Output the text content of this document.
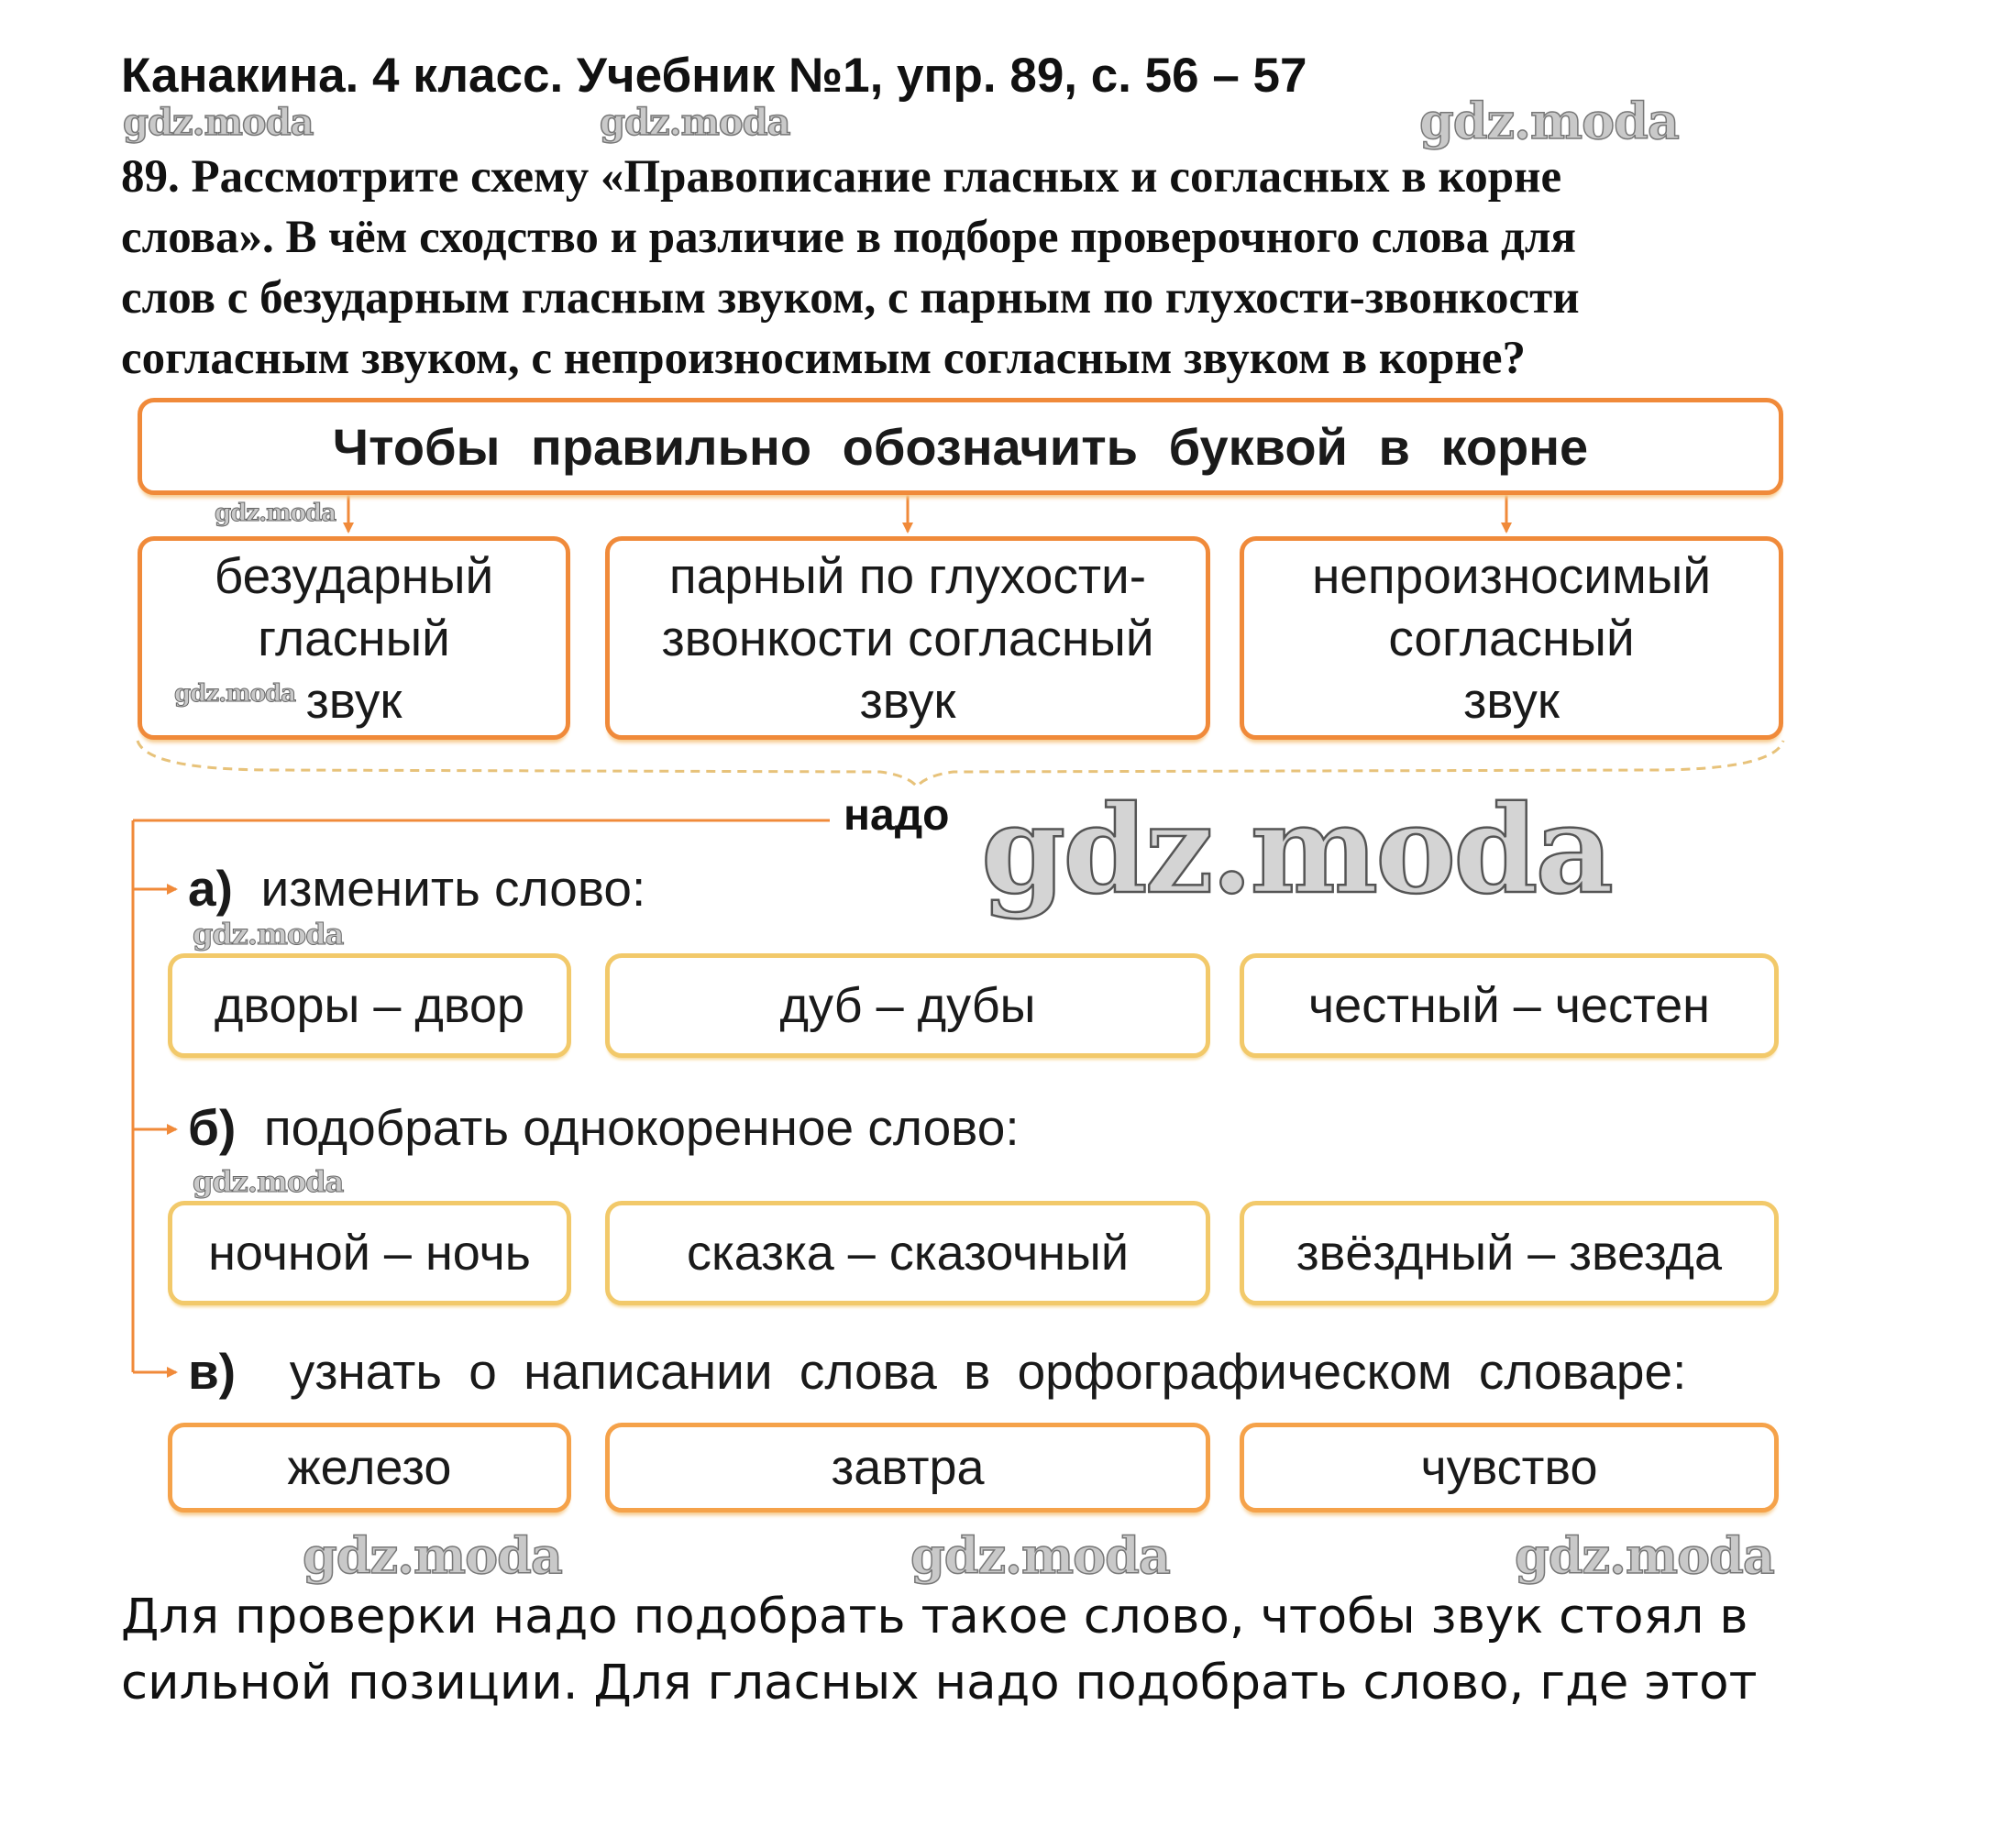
Канакина. 4 класс. Учебник №1, упр. 89, с. 56 – 57
gdz.moda	gdz.moda	gdz.moda
89. Рассмотрите схему «Правописание гласных и согласных в корне
слова». В чём сходство и различие в подборе проверочного слова для
слов с безударным гласным звуком, с парным по глухости-звонкости
согласным звуком, с непроизносимым согласным звуком в корне?
Чтобы правильно обозначить буквой в корне
gdz.moda
безударный
гласный
звук
парный по глухости-
звонкости согласный
звук
непроизносимый
согласный
звук
gdz.moda
надо gdz.moda
а) изменить слово:
gdz.moda
дворы – двор	дуб – дубы	честный – честен
б) подобрать однокоренное слово:
gdz.moda
ночной – ночь	сказка – сказочный	звёздный – звезда
в) узнать о написании слова в орфографическом словаре:
железо	завтра	чувство
gdz.moda	gdz.moda	gdz.moda
Для проверки надо подобрать такое слово, чтобы звук стоял в
сильной позиции. Для гласных надо подобрать слово, где этот
